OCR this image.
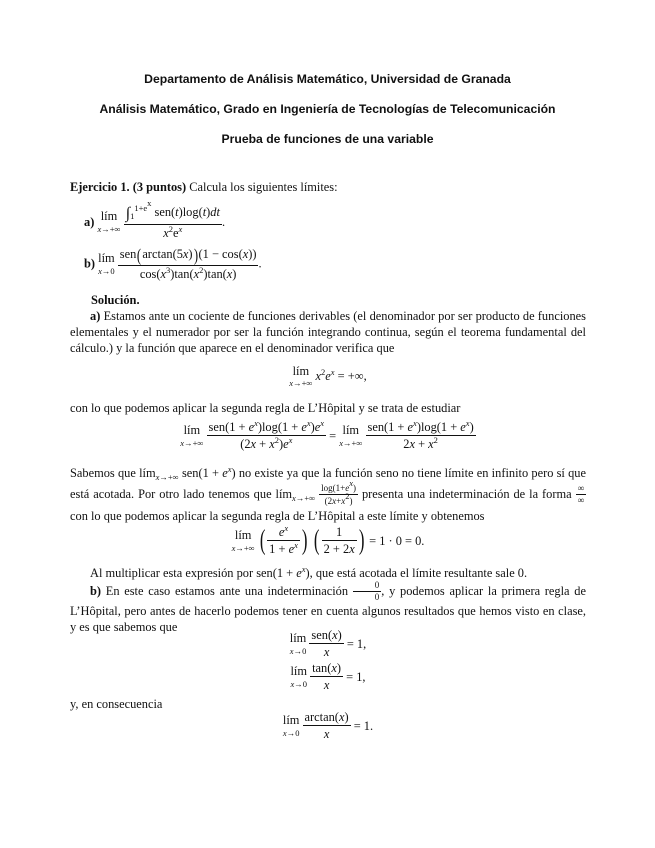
Departamento de Análisis Matemático, Universidad de Granada
Análisis Matemático, Grado en Ingeniería de Tecnologías de Telecomunicación
Prueba de funciones de una variable
Ejercicio 1. (3 puntos) Calcula los siguientes límites:
a) lím
x→+∞
$\frac{\int_1^{1+e^x} sen(t)\log(t)dt}{x^2e^x}$ .
b) lím
x→0
$\frac{\text{sen(arctan(5x))(1 − cos(x))}}{\cos(x^3)\tan(x^2)\tan(x)}$ .
Solución.
a) Estamos ante un cociente de funciones derivables (el denominador por ser producto de funciones elementales y el numerador por ser la función integrando continua, según el teorema fundamental del cálculo.) y la función que aparece en el denominador verifica que
lím
x→+∞ $x^2e^x$ = +∞,
con lo que podemos aplicar la segunda regla de L’Hôpital y se trata de estudiar
lím
x→+∞
$\frac{sen(1 + e^x)\log(1 + e^x)e^x}{(2x + x^2)e^x}$ = lím
x→+∞
$\frac{sen(1 + e^x)\log(1 + e^x)}{2x + x^2}$
Sabemos que lím$_{x\to+\infty}$ $sen(1 + e^x)$ no existe ya que la función seno no tiene límite en infinito pero sí que está acotada. Por otro lado tenemos que lím$_{x\to+\infty}$ $\frac{\log(1+e^x)}{(2x+x^2)}$ presenta una indeterminación de la forma $\frac{\infty}{\infty}$
con lo que podemos aplicar la segunda regla de L’Hôpital a este límite y obtenemos
lím
x→+∞ ( $\frac{e^x}{1 + e^x}$ ) ( $\frac{1}{2 + 2x}$ ) = 1 · 0 = 0.
Al multiplicar esta expresión por $sen(1 + e^x)$, que está acotada el límite resultante sale 0.
b) En este caso estamos ante una indeterminación $\frac{0}{0}$ , y podemos aplicar la primera regla de L’Hôpital, pero antes de hacerlo podemos tener en cuenta algunos resultados que hemos visto en clase, y es que sabemos que
lím
x→0
$\frac{\text{sen(x)}}{x} = 1$,
lím
x→0
$\frac{\tan(x)}{x} = 1$,
y, en consecuencia
lím
x→0
$\frac{\arctan(x)}{x} = 1$.
